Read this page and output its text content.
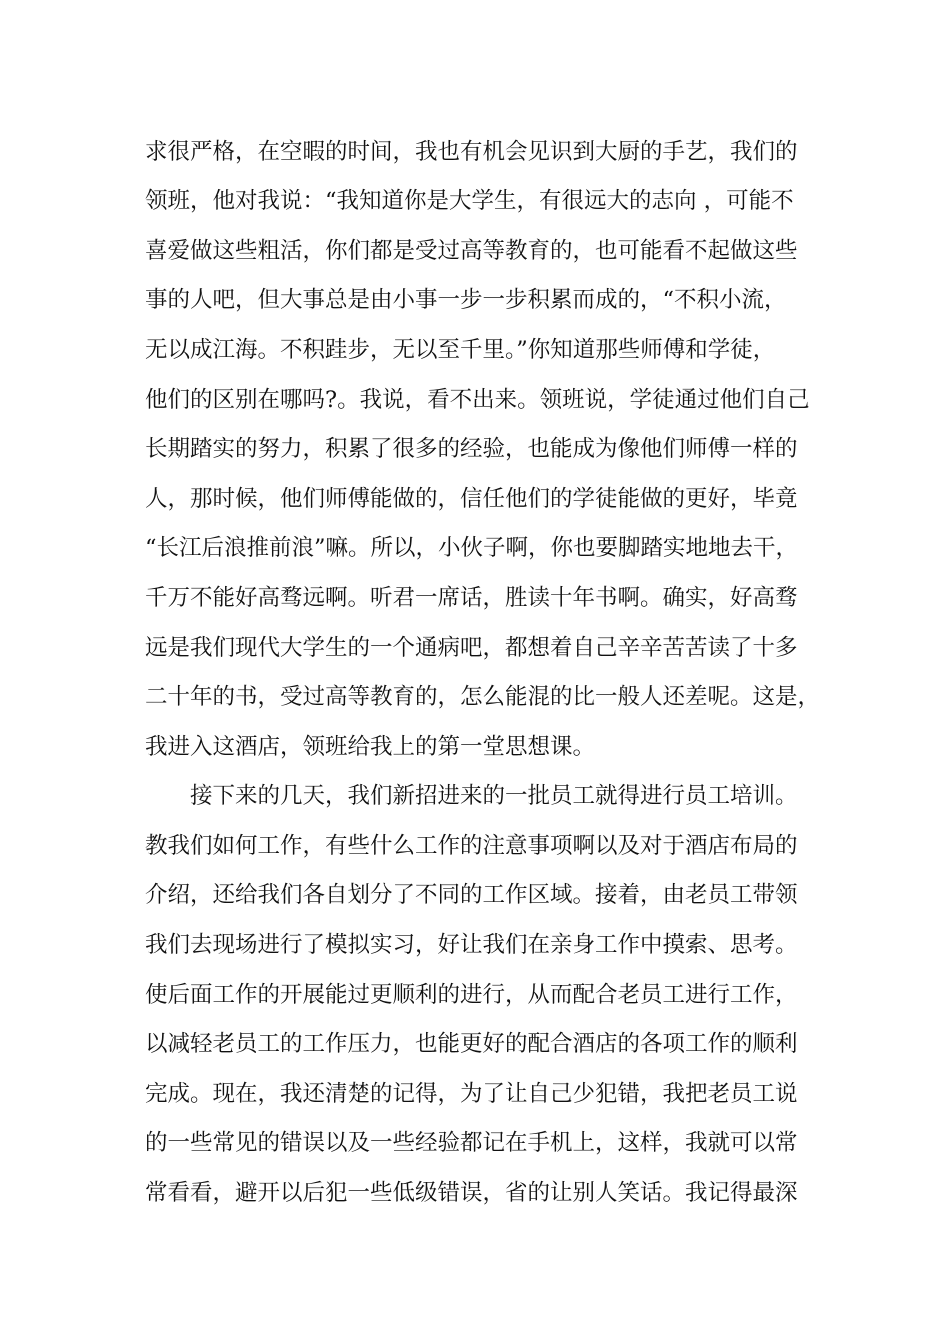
求很严格，在空暇的时间，我也有机会见识到大厨的手艺，我们的
领班，他对我说：“我知道你是大学生，有很远大的志向 ，可能不
喜爱做这些粗活，你们都是受过高等教育的，也可能看不起做这些
事的人吧，但大事总是由小事一步一步积累而成的，“不积小流，
无以成江海。不积跬步，无以至千里。”你知道那些师傅和学徒，
他们的区别在哪吗?。我说，看不出来。领班说，学徒通过他们自己
长期踏实的努力，积累了很多的经验，也能成为像他们师傅一样的
人，那时候，他们师傅能做的，信任他们的学徒能做的更好，毕竟
“长江后浪推前浪”嘛。所以，小伙子啊，你也要脚踏实地地去干，
千万不能好高骛远啊。听君一席话，胜读十年书啊。确实，好高骛
远是我们现代大学生的一个通病吧，都想着自己辛辛苦苦读了十多
二十年的书，受过高等教育的，怎么能混的比一般人还差呢。这是，
我进入这酒店，领班给我上的第一堂思想课。
接下来的几天，我们新招进来的一批员工就得进行员工培训。
教我们如何工作，有些什么工作的注意事项啊以及对于酒店布局的
介绍，还给我们各自划分了不同的工作区域。接着，由老员工带领
我们去现场进行了模拟实习，好让我们在亲身工作中摸索、思考。
使后面工作的开展能过更顺利的进行，从而配合老员工进行工作，
以减轻老员工的工作压力，也能更好的配合酒店的各项工作的顺利
完成。现在，我还清楚的记得，为了让自己少犯错，我把老员工说
的一些常见的错误以及一些经验都记在手机上，这样，我就可以常
常看看，避开以后犯一些低级错误，省的让别人笑话。我记得最深
